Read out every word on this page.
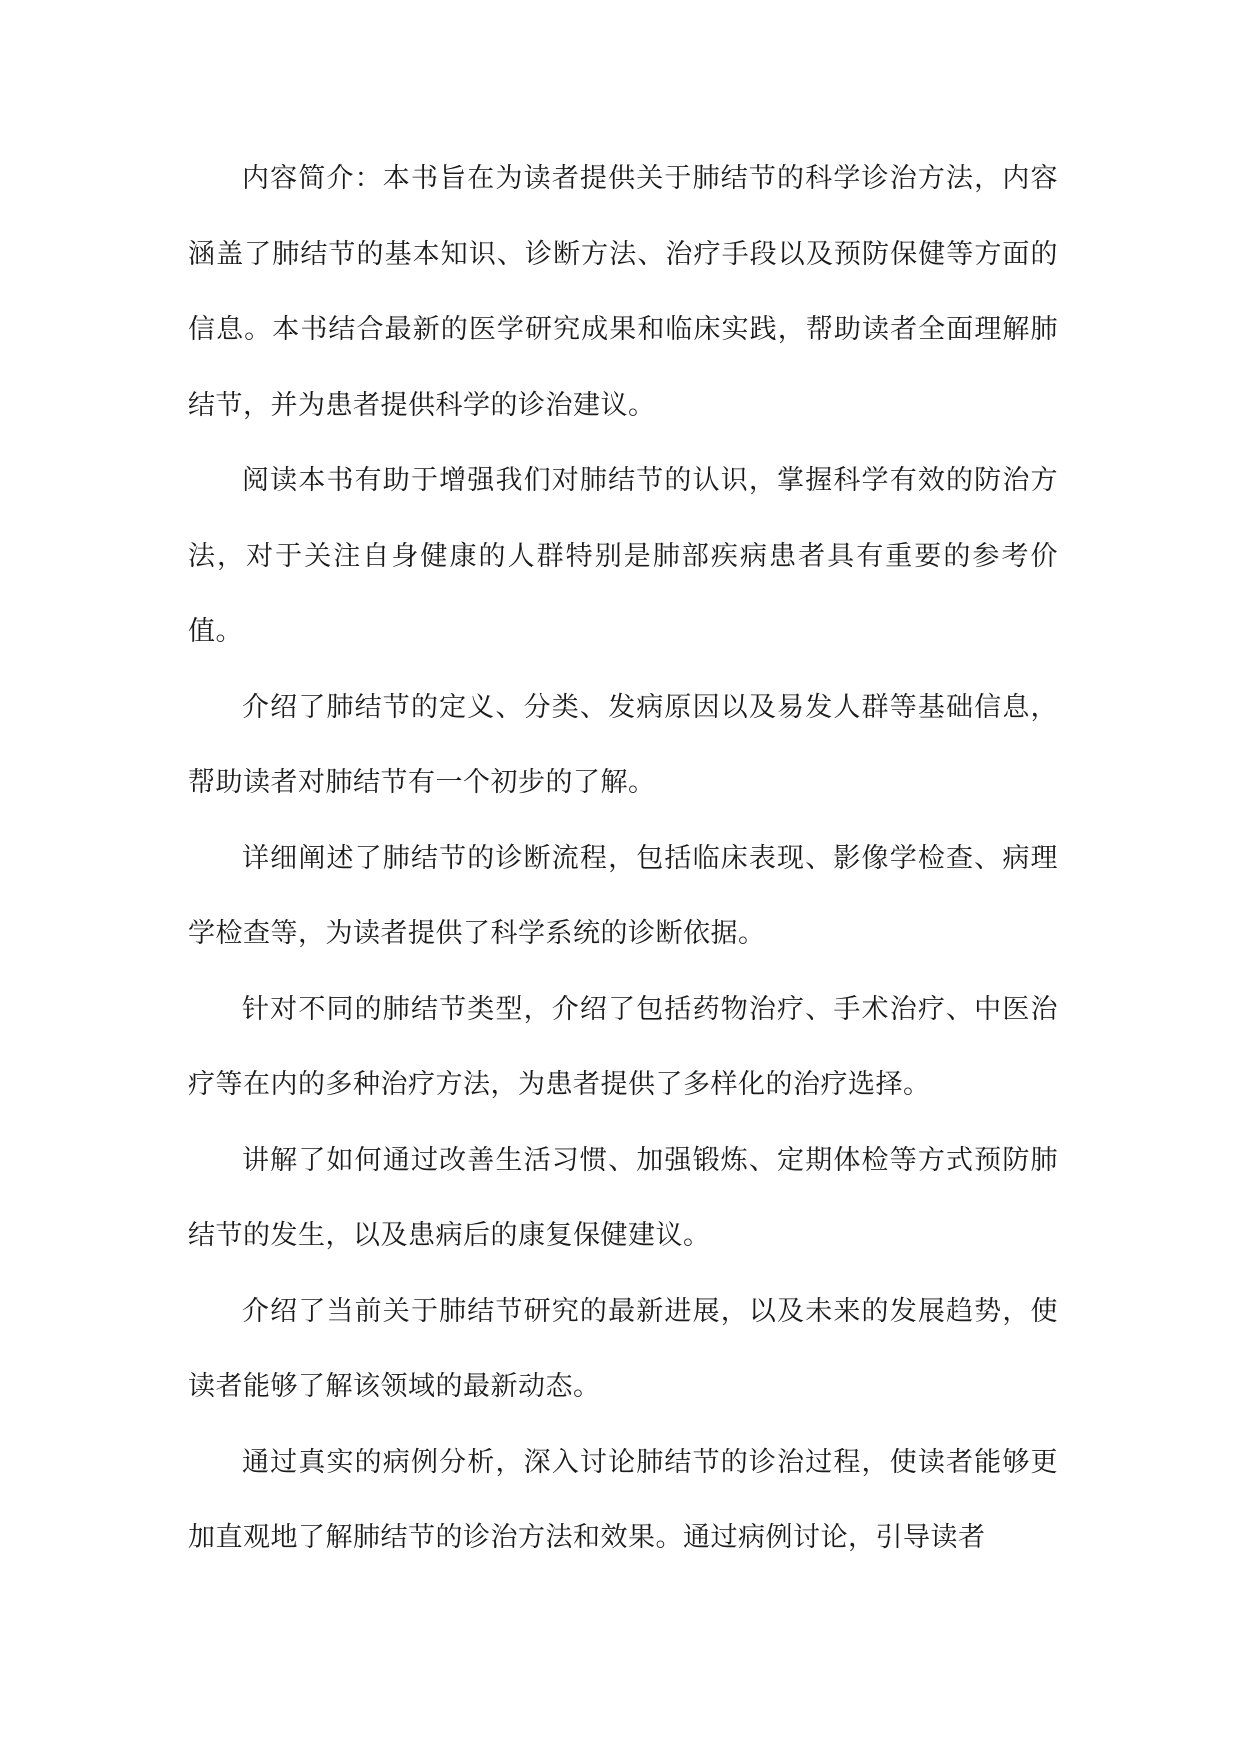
内容简介：本书旨在为读者提供关于肺结节的科学诊治方法，内容涵盖了肺结节的基本知识、诊断方法、治疗手段以及预防保健等方面的信息。本书结合最新的医学研究成果和临床实践，帮助读者全面理解肺结节，并为患者提供科学的诊治建议。

阅读本书有助于增强我们对肺结节的认识，掌握科学有效的防治方法，对于关注自身健康的人群特别是肺部疾病患者具有重要的参考价值。

介绍了肺结节的定义、分类、发病原因以及易发人群等基础信息，帮助读者对肺结节有一个初步的了解。

详细阐述了肺结节的诊断流程，包括临床表现、影像学检查、病理学检查等，为读者提供了科学系统的诊断依据。

针对不同的肺结节类型，介绍了包括药物治疗、手术治疗、中医治疗等在内的多种治疗方法，为患者提供了多样化的治疗选择。

讲解了如何通过改善生活习惯、加强锻炼、定期体检等方式预防肺结节的发生，以及患病后的康复保健建议。

介绍了当前关于肺结节研究的最新进展，以及未来的发展趋势，使读者能够了解该领域的最新动态。

通过真实的病例分析，深入讨论肺结节的诊治过程，使读者能够更加直观地了解肺结节的诊治方法和效果。通过病例讨论，引导读者
